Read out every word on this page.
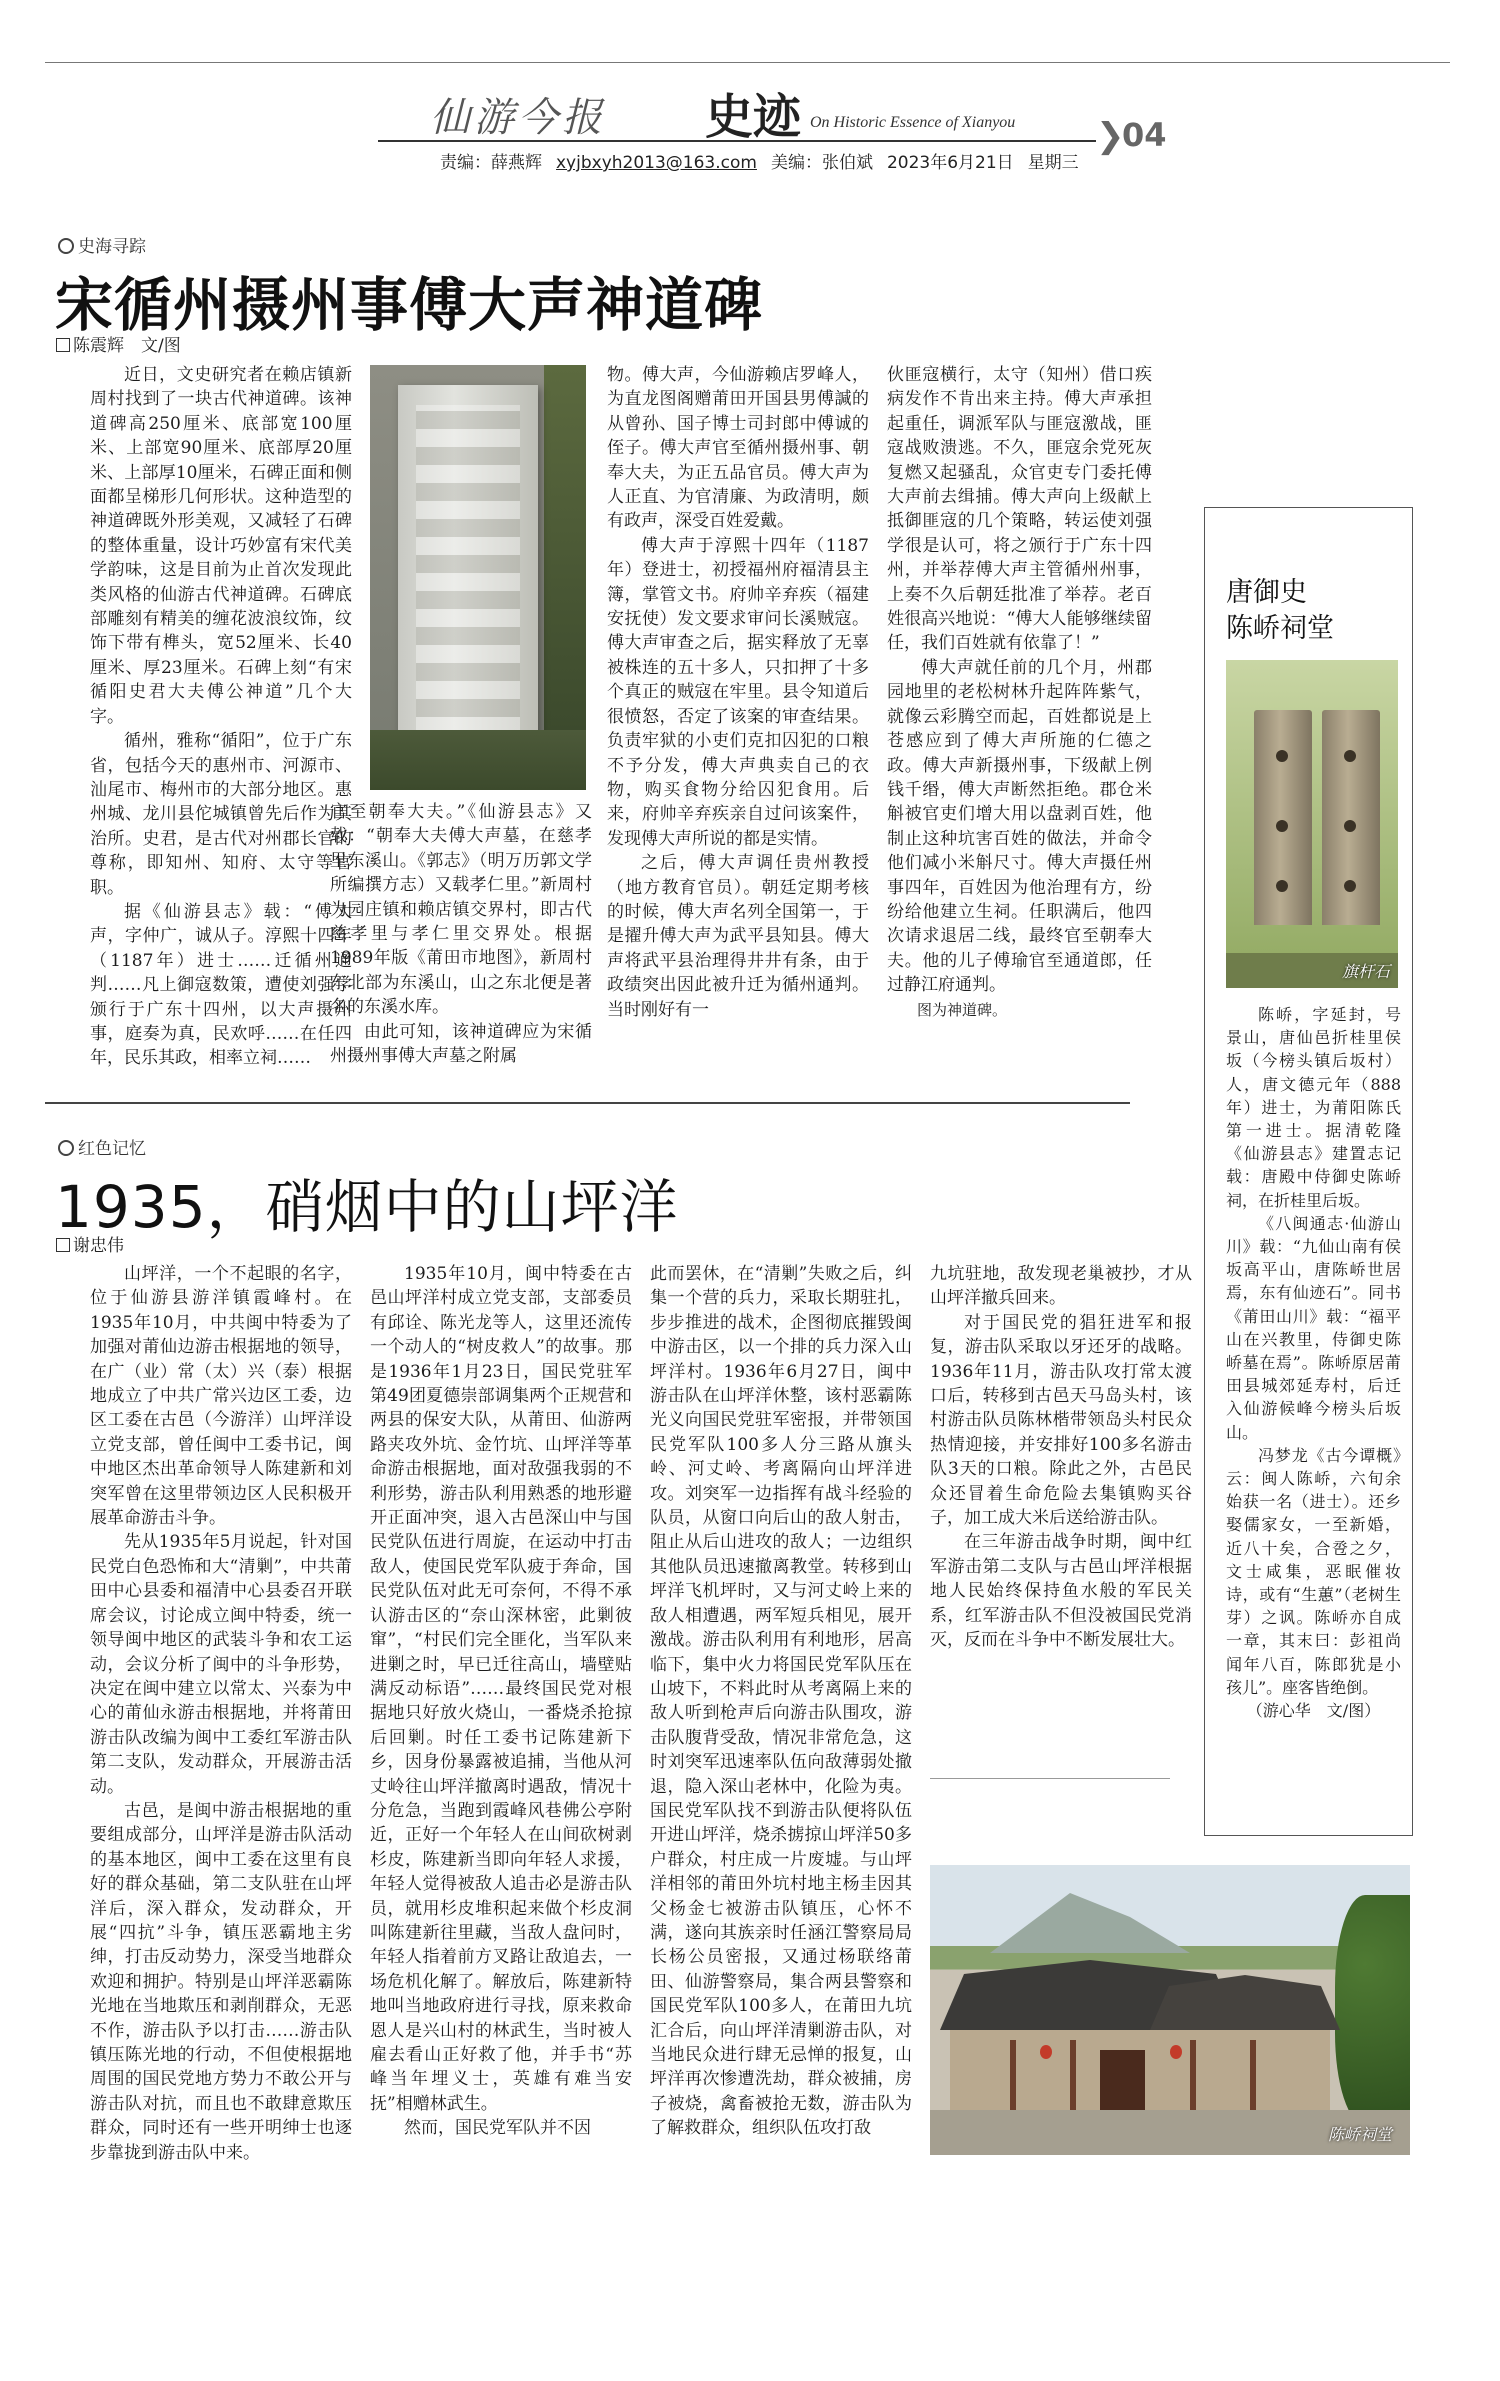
仙游今报 史迹 On Historic Essence of Xianyou ❯
04
责编：薛燕辉 xyjbxyh2013@163.com 美编：张伯斌 2023年6月21日 星期三
史海寻踪
宋循州摄州事傅大声神道碑
陈震辉　文/图

近日，文史研究者在赖店镇新周村找到了一块古代神道碑。该神道碑高250厘米、底部宽100厘米、上部宽90厘米、底部厚20厘米、上部厚10厘米，石碑正面和侧面都呈梯形几何形状。这种造型的神道碑既外形美观，又减轻了石碑的整体重量，设计巧妙富有宋代美学韵味，这是目前为止首次发现此类风格的仙游古代神道碑。石碑底部雕刻有精美的缠花波浪纹饰，纹饰下带有榫头，宽52厘米、长40厘米、厚23厘米。石碑上刻“有宋循阳史君大夫傅公神道”几个大字。

循州，雅称“循阳”，位于广东省，包括今天的惠州市、河源市、汕尾市、梅州市的大部分地区。惠州城、龙川县佗城镇曾先后作为其治所。史君，是古代对州郡长官的尊称，即知州、知府、太守等官职。

据《仙游县志》载：“傅大声，字仲广，诚从子。淳熙十四年（1187年）进士……迁循州通判……凡上御寇数策，遭使刘强学颁行于广东十四州，以大声摄州事，庭奏为真，民欢呼……在任四年，民乐其政，相率立祠……

官至朝奉大夫。”《仙游县志》又载：“朝奉大夫傅大声墓，在慈孝里东溪山。《郭志》（明万历郭文学所编撰方志）又载孝仁里。”新周村为园庄镇和赖店镇交界村，即古代慈孝里与孝仁里交界处。根据1989年版《莆田市地图》，新周村东北部为东溪山，山之东北便是著名的东溪水库。

由此可知，该神道碑应为宋循州摄州事傅大声墓之附属

物。傅大声，今仙游赖店罗峰人，为直龙图阁赠莆田开国县男傅諴的从曾孙、国子博士司封郎中傅诚的侄子。傅大声官至循州摄州事、朝奉大夫，为正五品官员。傅大声为人正直、为官清廉、为政清明，颇有政声，深受百姓爱戴。

傅大声于淳熙十四年（1187年）登进士，初授福州府福清县主簿，掌管文书。府帅辛弃疾（福建安抚使）发文要求审问长溪贼寇。傅大声审查之后，据实释放了无辜被株连的五十多人，只扣押了十多个真正的贼寇在牢里。县令知道后很愤怒，否定了该案的审查结果。负责牢狱的小吏们克扣囚犯的口粮不予分发，傅大声典卖自己的衣物，购买食物分给囚犯食用。后来，府帅辛弃疾亲自过问该案件，发现傅大声所说的都是实情。

之后，傅大声调任贵州教授（地方教育官员）。朝廷定期考核的时候，傅大声名列全国第一，于是擢升傅大声为武平县知县。傅大声将武平县治理得井井有条，由于政绩突出因此被升迁为循州通判。当时刚好有一

伙匪寇横行，太守（知州）借口疾病发作不肯出来主持。傅大声承担起重任，调派军队与匪寇激战，匪寇战败溃逃。不久，匪寇余党死灰复燃又起骚乱，众官吏专门委托傅大声前去缉捕。傅大声向上级献上抵御匪寇的几个策略，转运使刘强学很是认可，将之颁行于广东十四州，并举荐傅大声主管循州州事，上奏不久后朝廷批准了举荐。老百姓很高兴地说：“傅大人能够继续留任，我们百姓就有依靠了！”

傅大声就任前的几个月，州郡园地里的老松树林升起阵阵紫气，就像云彩腾空而起，百姓都说是上苍感应到了傅大声所施的仁德之政。傅大声新摄州事，下级献上例钱千缗，傅大声断然拒绝。郡仓米斛被官吏们增大用以盘剥百姓，他制止这种坑害百姓的做法，并命令他们减小米斛尺寸。傅大声摄任州事四年，百姓因为他治理有方，纷纷给他建立生祠。任职满后，他四次请求退居二线，最终官至朝奉大夫。他的儿子傅瑜官至通道郎，任过静江府通判。

图为神道碑。

红色记忆
1935，硝烟中的山坪洋
谢忠伟

山坪洋，一个不起眼的名字，位于仙游县游洋镇霞峰村。在1935年10月，中共闽中特委为了加强对莆仙边游击根据地的领导，在广（业）常（太）兴（泰）根据地成立了中共广常兴边区工委，边区工委在古邑（今游洋）山坪洋设立党支部，曾任闽中工委书记，闽中地区杰出革命领导人陈建新和刘突军曾在这里带领边区人民积极开展革命游击斗争。

先从1935年5月说起，针对国民党白色恐怖和大“清剿”，中共莆田中心县委和福清中心县委召开联席会议，讨论成立闽中特委，统一领导闽中地区的武装斗争和农工运动，会议分析了闽中的斗争形势，决定在闽中建立以常太、兴泰为中心的莆仙永游击根据地，并将莆田游击队改编为闽中工委红军游击队第二支队，发动群众，开展游击活动。

古邑，是闽中游击根据地的重要组成部分，山坪洋是游击队活动的基本地区，闽中工委在这里有良好的群众基础，第二支队驻在山坪洋后，深入群众，发动群众，开展“四抗”斗争，镇压恶霸地主劣绅，打击反动势力，深受当地群众欢迎和拥护。特别是山坪洋恶霸陈光地在当地欺压和剥削群众，无恶不作，游击队予以打击……游击队镇压陈光地的行动，不但使根据地周围的国民党地方势力不敢公开与游击队对抗，而且也不敢肆意欺压群众，同时还有一些开明绅士也逐步靠拢到游击队中来。

1935年10月，闽中特委在古邑山坪洋村成立党支部，支部委员有邱诠、陈光龙等人，这里还流传一个动人的“树皮救人”的故事。那是1936年1月23日，国民党驻军第49团夏德崇部调集两个正规营和两县的保安大队，从莆田、仙游两路夹攻外坑、金竹坑、山坪洋等革命游击根据地，面对敌强我弱的不利形势，游击队利用熟悉的地形避开正面冲突，退入古邑深山中与国民党队伍进行周旋，在运动中打击敌人，使国民党军队疲于奔命，国民党队伍对此无可奈何，不得不承认游击区的“奈山深林密，此剿彼窜”，“村民们完全匪化，当军队来进剿之时，早已迁往高山，墙壁贴满反动标语”……最终国民党对根据地只好放火烧山，一番烧杀抢掠后回剿。时任工委书记陈建新下乡，因身份暴露被追捕，当他从河丈岭往山坪洋撤离时遇敌，情况十分危急，当跑到霞峰风巷佛公亭附近，正好一个年轻人在山间砍树剥杉皮，陈建新当即向年轻人求援，年轻人觉得被敌人追击必是游击队员，就用杉皮堆积起来做个杉皮洞叫陈建新往里藏，当敌人盘问时，年轻人指着前方叉路让敌追去，一场危机化解了。解放后，陈建新特地叫当地政府进行寻找，原来救命恩人是兴山村的林武生，当时被人雇去看山正好救了他，并手书“苏峰当年埋义士，英雄有难当安抚”相赠林武生。

然而，国民党军队并不因

此而罢休，在“清剿”失败之后，纠集一个营的兵力，采取长期驻扎，步步推进的战术，企图彻底摧毁闽中游击区，以一个排的兵力深入山坪洋村。1936年6月27日，闽中游击队在山坪洋休整，该村恶霸陈光义向国民党驻军密报，并带领国民党军队100多人分三路从旗头岭、河丈岭、考离隔向山坪洋进攻。刘突军一边指挥有战斗经验的队员，从窗口向后山的敌人射击，阻止从后山进攻的敌人；一边组织其他队员迅速撤离教堂。转移到山坪洋飞机坪时，又与河丈岭上来的敌人相遭遇，两军短兵相见，展开激战。游击队利用有利地形，居高临下，集中火力将国民党军队压在山坡下，不料此时从考离隔上来的敌人听到枪声后向游击队围攻，游击队腹背受敌，情况非常危急，这时刘突军迅速率队伍向敌薄弱处撤退，隐入深山老林中，化险为夷。国民党军队找不到游击队便将队伍开进山坪洋，烧杀掳掠山坪洋50多户群众，村庄成一片废墟。与山坪洋相邻的莆田外坑村地主杨圭因其父杨金七被游击队镇压，心怀不满，遂向其族亲时任涵江警察局局长杨公员密报，又通过杨联络莆田、仙游警察局，集合两县警察和国民党军队100多人，在莆田九坑汇合后，向山坪洋清剿游击队，对当地民众进行肆无忌惮的报复，山坪洋再次惨遭洗劫，群众被捕，房子被烧，禽畜被抢无数，游击队为了解救群众，组织队伍攻打敌

九坑驻地，敌发现老巢被抄，才从山坪洋撤兵回来。

对于国民党的猖狂进军和报复，游击队采取以牙还牙的战略。1936年11月，游击队攻打常太渡口后，转移到古邑天马岛头村，该村游击队员陈林楷带领岛头村民众热情迎接，并安排好100多名游击队3天的口粮。除此之外，古邑民众还冒着生命危险去集镇购买谷子，加工成大米后送给游击队。

在三年游击战争时期，闽中红军游击第二支队与古邑山坪洋根据地人民始终保持鱼水般的军民关系，红军游击队不但没被国民党消灭，反而在斗争中不断发展壮大。

陈峤祠堂
唐御史
陈峤祠堂
旗杆石

陈峤，字延封，号景山，唐仙邑折桂里侯坂（今榜头镇后坂村）人，唐文德元年（888年）进士，为莆阳陈氏第一进士。据清乾隆《仙游县志》建置志记载：唐殿中侍御史陈峤祠，在折桂里后坂。

《八闽通志·仙游山川》载：“九仙山南有侯坂高平山，唐陈峤世居焉，东有仙迹石”。同书《莆田山川》载：“福平山在兴教里，侍御史陈峤墓在焉”。陈峤原居莆田县城郊延寿村，后迁入仙游候峰今榜头后坂山。

冯梦龙《古今谭概》云：闽人陈峤，六旬余始获一名（进士）。还乡娶儒家女，一至新婚，近八十矣，合卺之夕，文士咸集，恶眠催妆诗，或有“生蕙”（老树生芽）之讽。陈峤亦自成一章，其末曰：彭祖尚闻年八百，陈郎犹是小孩儿”。座客皆绝倒。

（游心华　文/图）
